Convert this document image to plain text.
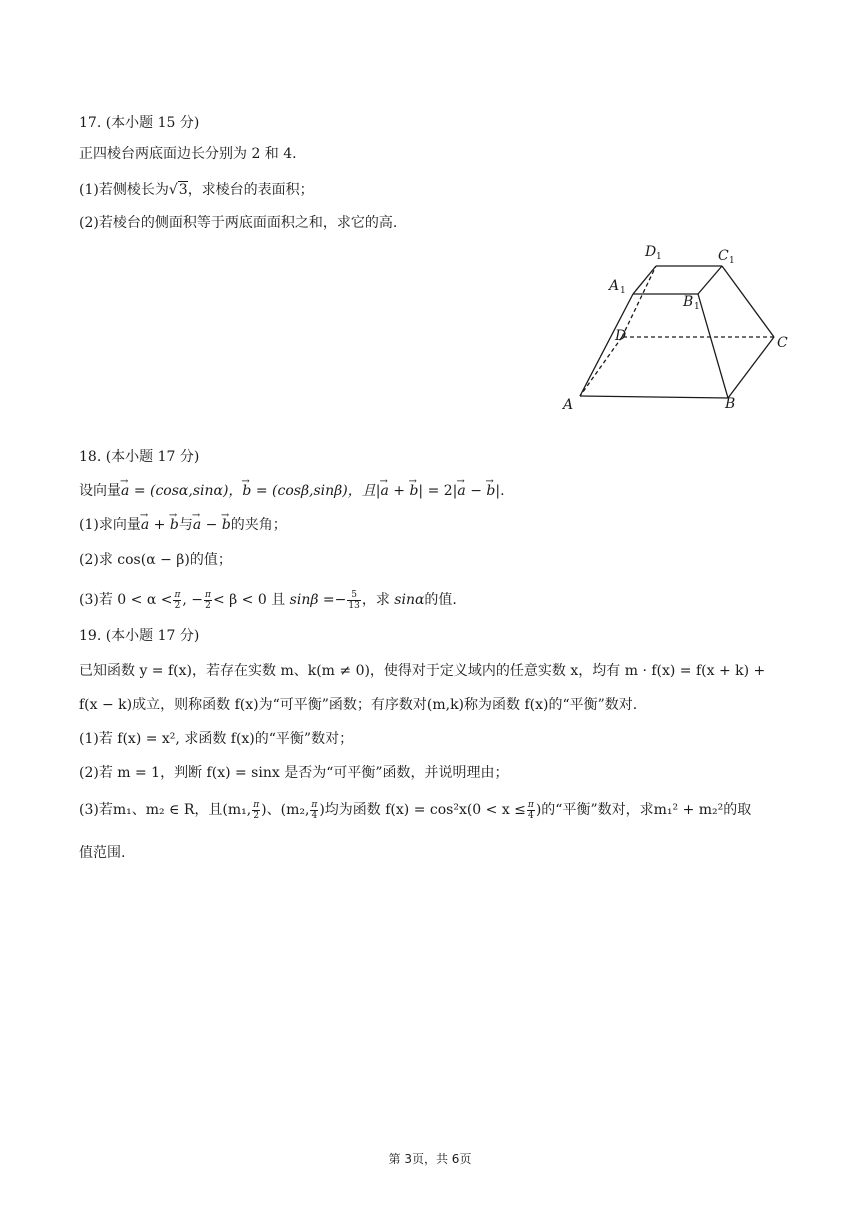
17. (本小题 15 分)
正四棱台两底面边长分别为 2 和 4.
(1)若侧棱长为√3，求棱台的表面积；
(2)若棱台的侧面积等于两底面面积之和，求它的高.
A	B
C
D
A 1
B 1
C 1
D 1
18. (本小题 17 分)
设向量→ a = (cosα,sinα)，→ b = (cosβ,sinβ)，且|→ a + → b| = 2|→ a − → b|.
(1)求向量→ a + → b与→ a − → b的夹角；
(2)求 cos(α − β)的值；
(3)若 $0 < \alpha < \frac{\pi}{2}$ , − $\frac{\pi}{2} < \beta < 0$ 且 $\sin\beta =- \frac{5}{13}$ ，求 sinα的值.
19. (本小题 17 分)
已知函数 y = f(x)，若存在实数 m、k(m ≠ 0)，使得对于定义域内的任意实数 x，均有 m · f(x) = f(x + k) +
f(x − k)成立，则称函数 f(x)为“可平衡”函数；有序数对(m,k)称为函数 f(x)的“平衡”数对.
(1)若 f(x) = x², 求函数 f(x)的“平衡”数对；
(2)若 m = 1，判断 f(x) = sinx 是否为“可平衡”函数，并说明理由；
(3)若m₁、m₂ ∈ R，且(m₁, $\frac{\pi}{2}$ )、(m₂, $\frac{\pi}{4}$ )均为函数 $f(x) = \cos^2x(0 < x \le \frac{\pi}{4}$ )的“平衡”数对，求m₁² + m₂²的取
值范围.
第 3页，共 6页
